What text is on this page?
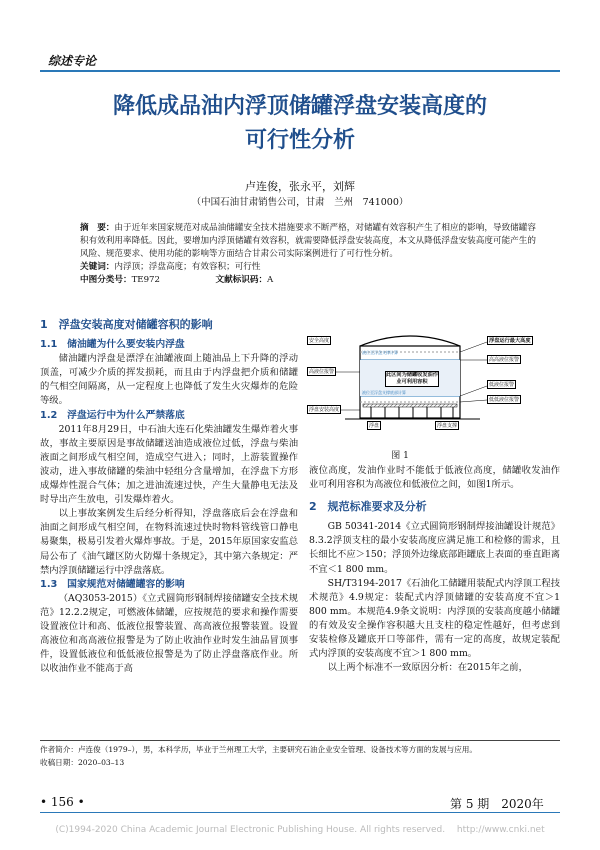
综述专论
降低成品油内浮顶储罐浮盘安装高度的
可行性分析
卢连俊，张永平，刘辉
（中国石油甘肃销售公司，甘肃　兰州　741000）
摘　要：由于近年来国家规范对成品油储罐安全技术措施要求不断严格，对储罐有效容积产生了相应的影响，导致储罐容积有效利用率降低。因此，要增加内浮顶储罐有效容积，就需要降低浮盘安装高度，本文从降低浮盘安装高度可能产生的风险、规范要求、使用功能的影响等方面结合甘肃公司实际案例进行了可行性分析。
关键词：内浮顶；浮盘高度；有效容积；可行性
中图分类号：TE972	文献标识码：A
1　浮盘安装高度对储罐容积的影响
1.1　储油罐为什么要安装内浮盘

储油罐内浮盘是漂浮在油罐液面上随油品上下升降的浮动顶盖，可减少介质的挥发损耗，而且由于内浮盘把介质和储罐的气相空间隔离，从一定程度上也降低了发生火灾爆炸的危险等级。

1.2　浮盘运行中为什么严禁落底

2011年8月29日，中石油大连石化柴油罐发生爆炸着火事故，事故主要原因是事故储罐送油造成液位过低，浮盘与柴油液面之间形成气相空间，造成空气进入；同时，上游装置操作波动，进入事故储罐的柴油中轻组分含量增加，在浮盘下方形成爆炸性混合气体；加之进油流速过快，产生大量静电无法及时导出产生放电，引发爆炸着火。

以上事故案例发生后经分析得知，浮盘落底后会在浮盘和油面之间形成气相空间，在物料流速过快时物料管线管口静电易聚集，极易引发着火爆炸事故。于是，2015年原国家安监总局公布了《油气罐区防火防爆十条规定》，其中第六条规定：严禁内浮顶储罐运行中浮盘落底。

1.3　国家规范对储罐罐容的影响

（AQ3053-2015）《立式圆筒形钢制焊接储罐安全技术规范》12.2.2规定，可燃液体储罐，应按规范的要求和操作需要设置液位计和高、低液位报警装置、高高液位报警装置。设置高液位和高高液位报警是为了防止收油作业时发生油品冒顶事件，设置低液位和低低液位报警是为了防止浮盘落底作业。所以收油作业不能高于高

安全高度
液位至浮盘支撑计算
液位至浮盘支撑底部计算
浮盘运行最大高度
高高液位报警
低液位报警
低低液位报警
高液位报警
浮盘安装高度
此区间为储罐收发油作业可利用容积
浮盘	浮盘支撑
图 1

液位高度，发油作业时不能低于低液位高度，储罐收发油作业可利用容积为高液位和低液位之间，如图1所示。

2　规范标准要求及分析

GB 50341-2014《立式圆筒形钢制焊接油罐设计规范》8.3.2浮顶支柱的最小安装高度应满足施工和检修的需求，且长细比不应＞150；浮顶外边缘底部距罐底上表面的垂直距离不宜＜1 800 mm。

SH/T3194-2017《石油化工储罐用装配式内浮顶工程技术规范》4.9规定：装配式内浮顶储罐的安装高度不宜＞1 800 mm。本规范4.9条文说明：内浮顶的安装高度越小储罐的有效及安全操作容积越大且支柱的稳定性越好，但考虑到安装检修及罐底开口等部件，需有一定的高度，故规定装配式内浮顶的安装高度不宜＞1 800 mm。

以上两个标准不一致原因分析：在2015年之前，

作者简介：卢连俊（1979–），男，本科学历，毕业于兰州理工大学，主要研究石油企业安全管理、设备技术等方面的发展与应用。
收稿日期：2020–03–13
• 156 •	第 5 期　2020年
(C)1994-2020 China Academic Journal Electronic Publishing House. All rights reserved.　 http://www.cnki.net
